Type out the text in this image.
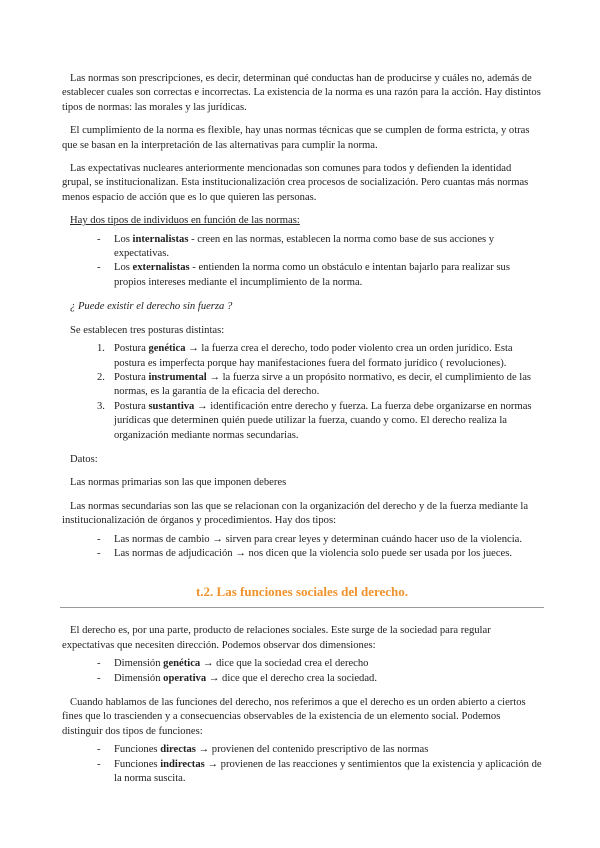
Las normas son prescripciones, es decir, determinan qué conductas han de producirse y cuáles no, además de establecer cuales son correctas e incorrectas. La existencia de la norma es una razón para la acción. Hay distintos tipos de normas: las morales y las jurídicas.

El cumplimiento de la norma es flexible, hay unas normas técnicas que se cumplen de forma estricta, y otras que se basan en la interpretación de las alternativas para cumplir la norma.

Las expectativas nucleares anteriormente mencionadas son comunes para todos y defienden la identidad grupal, se institucionalizan. Esta institucionalización crea procesos de socialización. Pero cuantas más normas menos espacio de acción que es lo que quieren las personas.

Hay dos tipos de individuos en función de las normas:

- Los internalistas - creen en las normas, establecen la norma como base de sus acciones y expectativas.
- Los externalistas - entienden la norma como un obstáculo e intentan bajarlo para realizar sus propios intereses mediante el incumplimiento de la norma.

¿ Puede existir el derecho sin fuerza ?

Se establecen tres posturas distintas:

1. Postura genética → la fuerza crea el derecho, todo poder violento crea un orden jurídico. Esta postura es imperfecta porque hay manifestaciones fuera del formato jurídico ( revoluciones).
2. Postura instrumental → la fuerza sirve a un propósito normativo, es decir, el cumplimiento de las normas, es la garantía de la eficacia del derecho.
3. Postura sustantiva → identificación entre derecho y fuerza. La fuerza debe organizarse en normas jurídicas que determinen quién puede utilizar la fuerza, cuando y como. El derecho realiza la organización mediante normas secundarias.

Datos:

Las normas primarias son las que imponen deberes

Las normas secundarias son las que se relacionan con la organización del derecho y de la fuerza mediante la institucionalización de órganos y procedimientos. Hay dos tipos:

- Las normas de cambio → sirven para crear leyes y determinan cuándo hacer uso de la violencia.
- Las normas de adjudicación → nos dicen que la violencia solo puede ser usada por los jueces.
t.2. Las funciones sociales del derecho.

El derecho es, por una parte, producto de relaciones sociales. Este surge de la sociedad para regular expectativas que necesiten dirección. Podemos observar dos dimensiones:

- Dimensión genética → dice que la sociedad crea el derecho
- Dimensión operativa → dice que el derecho crea la sociedad.

Cuando hablamos de las funciones del derecho, nos referimos a que el derecho es un orden abierto a ciertos fines que lo trascienden y a consecuencias observables de la existencia de un elemento social. Podemos distinguir dos tipos de funciones:

- Funciones directas → provienen del contenido prescriptivo de las normas
- Funciones indirectas → provienen de las reacciones y sentimientos que la existencia y aplicación de la norma suscita.
